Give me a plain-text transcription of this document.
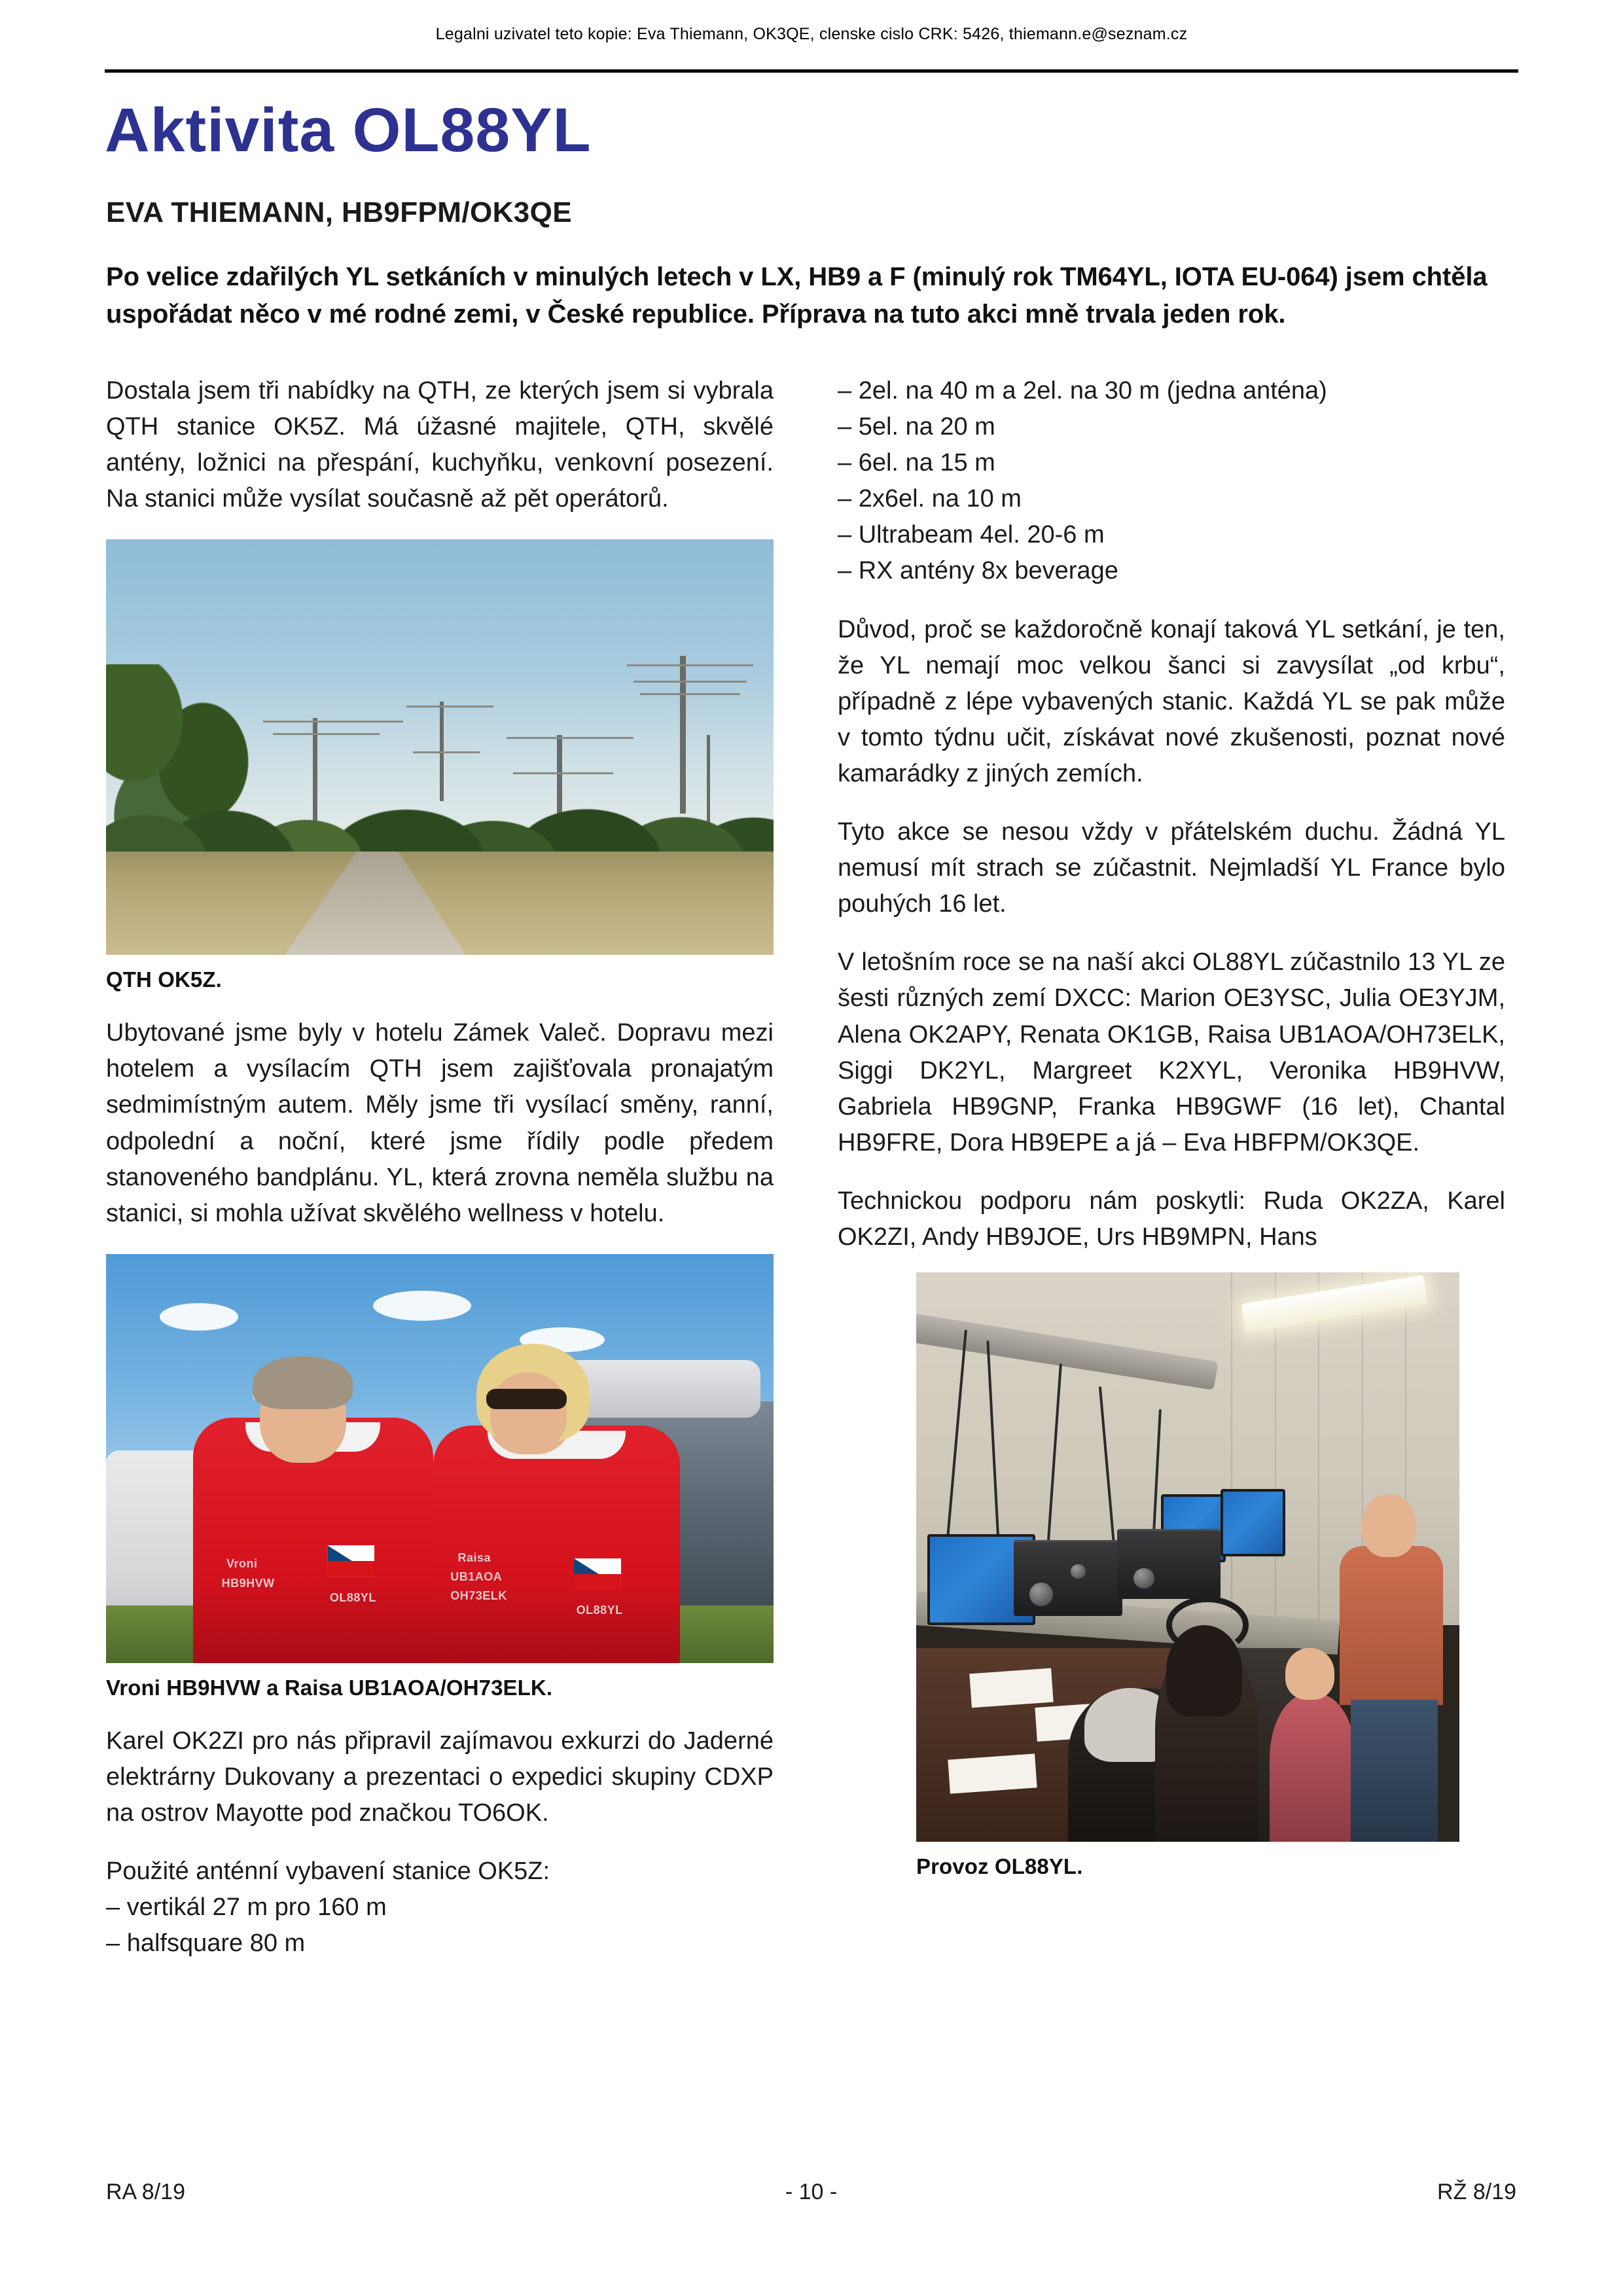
Legalni uzivatel teto kopie: Eva Thiemann, OK3QE, clenske cislo CRK: 5426, thiemann.e@seznam.cz
Aktivita OL88YL
EVA THIEMANN, HB9FPM/OK3QE
Po velice zdařilých YL setkáních v minulých letech v LX, HB9 a F (minulý rok TM64YL, IOTA EU-064) jsem chtěla uspořádat něco v mé rodné zemi, v České republice. Příprava na tuto akci mně trvala jeden rok.

Dostala jsem tři nabídky na QTH, ze kterých jsem si vybrala QTH stanice OK5Z. Má úžasné majitele, QTH, skvělé antény, ložnici na přespání, kuchyňku, venkovní posezení. Na stanici může vysílat současně až pět operátorů.

QTH OK5Z.

Ubytované jsme byly v hotelu Zámek Valeč. Dopravu mezi hotelem a vysílacím QTH jsem zajišťovala pronajatým sedmimístným autem. Měly jsme tři vysílací směny, ranní, odpolední a noční, které jsme řídily podle předem stanoveného bandplánu. YL, která zrovna neměla službu na stanici, si mohla užívat skvělého wellness v hotelu.

Vroni
HB9HVW
OL88YL
Raisa
UB1AOA
OH73ELK
OL88YL
Vroni HB9HVW a Raisa UB1AOA/OH73ELK.

Karel OK2ZI pro nás připravil zajímavou exkurzi do Jaderné elektrárny Dukovany a prezentaci o expedici skupiny CDXP na ostrov Mayotte pod značkou TO6OK.

Použité anténní vybavení stanice OK5Z:

– vertikál 27 m pro 160 m

– halfsquare 80 m

– 2el. na 40 m a 2el. na 30 m (jedna anténa)

– 5el. na 20 m

– 6el. na 15 m

– 2x6el. na 10 m

– Ultrabeam 4el. 20-6 m

– RX antény 8x beverage

Důvod, proč se každoročně konají taková YL setkání, je ten, že YL nemají moc velkou šanci si zavysílat „od krbu“, případně z lépe vybavených stanic. Každá YL se pak může v tomto týdnu učit, získávat nové zkušenosti, poznat nové kamarádky z jiných zemích.

Tyto akce se nesou vždy v přátelském duchu. Žádná YL nemusí mít strach se zúčastnit. Nejmladší YL France bylo pouhých 16 let.

V letošním roce se na naší akci OL88YL zúčastnilo 13 YL ze šesti různých zemí DXCC: Marion OE3YSC, Julia OE3YJM, Alena OK2APY, Renata OK1GB, Raisa UB1AOA/OH73ELK, Siggi DK2YL, Margreet K2XYL, Veronika HB9HVW, Gabriela HB9GNP, Franka HB9GWF (16 let), Chantal HB9FRE, Dora HB9EPE a já – Eva HBFPM/OK3QE.

Technickou podporu nám poskytli: Ruda OK2ZA, Karel OK2ZI, Andy HB9JOE, Urs HB9MPN, Hans

Provoz OL88YL.
RA 8/19	- 10 -	RŽ 8/19
